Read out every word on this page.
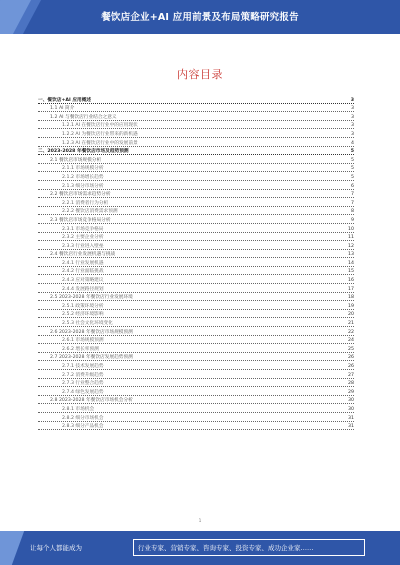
餐饮店企业+AI 应用前景及布局策略研究报告
内容目录
一、餐饮店+AI 应用概述	3
1.1 AI 简介	3
1.2 AI 与餐饮店行业结合之意义	3
1.2.1 AI 在餐饮店行业中的应用现状	3
1.2.2 AI 为餐饮店行业带来的新机遇	3
1.2.3 AI 在餐饮店行业中的发展前景	4
二、2023-2028 年餐饮店市场及趋势预测	5
2.1 餐饮店市场规模分析	5
2.1.1 市场规模分析	5
2.1.2 市场增长趋势	5
2.1.3 细分市场分析	6
2.2 餐饮店市场需求趋势分析	7
2.2.1 消费者行为分析	7
2.2.2 餐饮店消费需求预测	8
2.3 餐饮店市场竞争格局分析	9
2.3.1 市场竞争格局	10
2.3.2 主要企业分析	11
2.3.3 行业进入壁垒	12
2.4 餐饮店行业发展机遇与挑战	13
2.4.1 行业发展机遇	14
2.4.2 行业面临挑战	15
2.4.3 应对策略建议	16
2.4.4 发展路径规划	17
2.5 2023-2028 年餐饮店行业发展环境	18
2.5.1 政策环境分析	19
2.5.2 经济环境影响	20
2.5.3 社会文化环境变化	21
2.6 2023-2028 年餐饮店市场规模预测	22
2.6.1 市场规模预测	24
2.6.2 增长率预测	25
2.7 2023-2028 年餐饮店发展趋势预测	26
2.7.1 技术发展趋势	26
2.7.2 消费升级趋势	27
2.7.3 行业整合趋势	28
2.7.4 绿色发展趋势	29
2.8 2023-2028 年餐饮店市场机会分析	30
2.8.1 市场机会	30
2.8.2 细分市场机会	31
2.8.3 细分产品机会	31
1
让每个人都能成为	行业专家、营销专家、咨询专家、投资专家、成功企业家……
